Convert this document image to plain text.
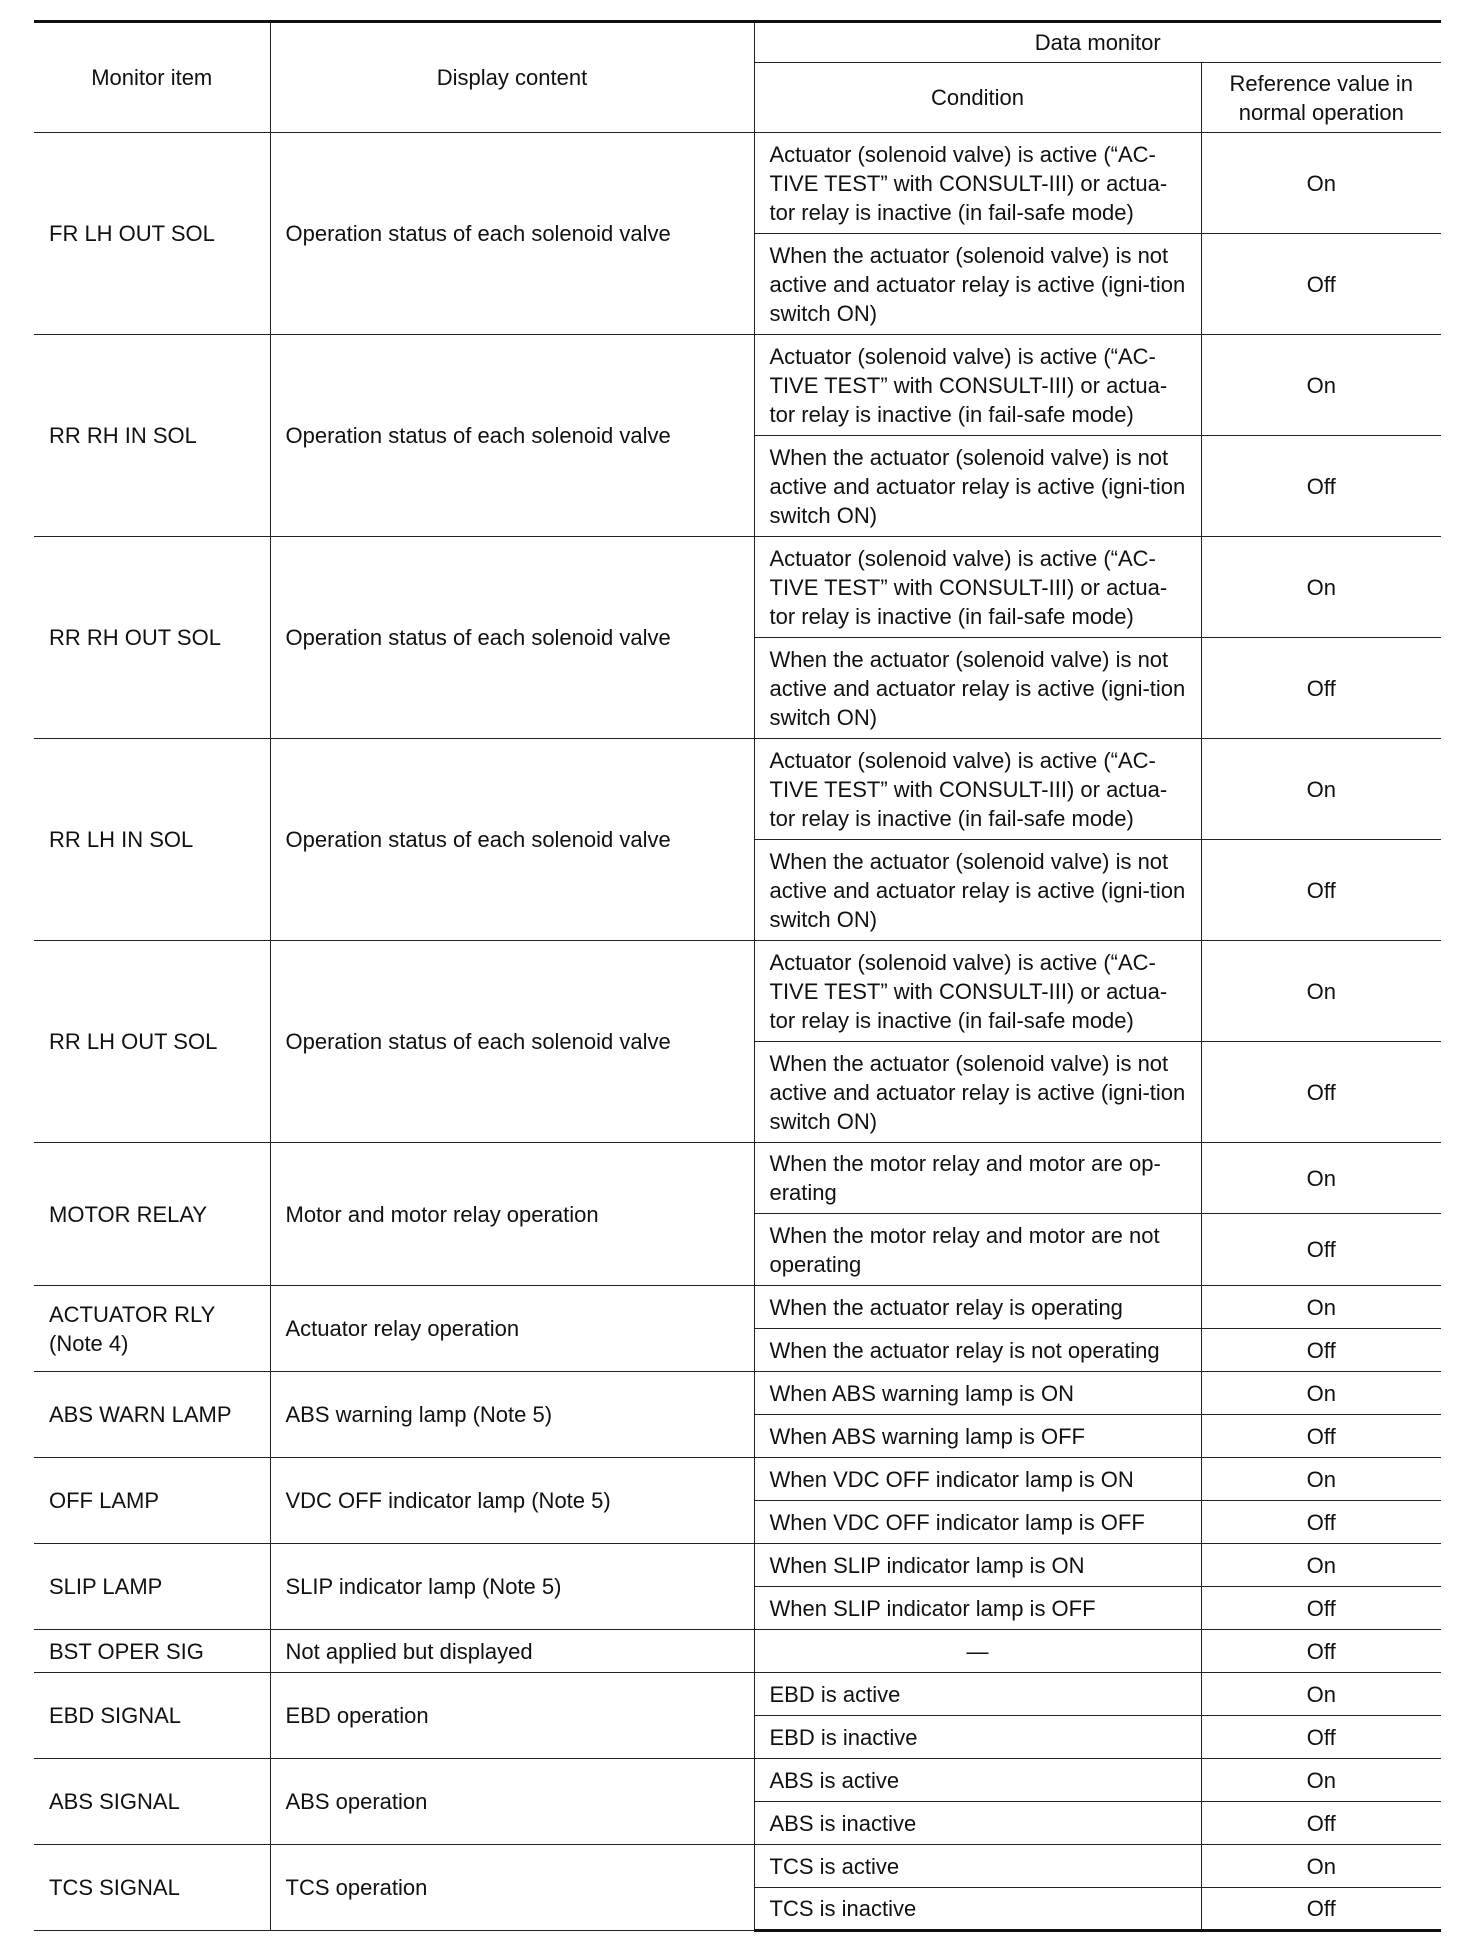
Monitor item	Display content	Data monitor	
		Condition	Reference value in normal operation
FR LH OUT SOL	Operation status of each solenoid valve	Actuator (solenoid valve) is active (“AC-TIVE TEST” with CONSULT-III) or actua-tor relay is inactive (in fail-safe mode)	On
		When the actuator (solenoid valve) is not active and actuator relay is active (igni-tion switch ON)	Off
RR RH IN SOL	Operation status of each solenoid valve	Actuator (solenoid valve) is active (“AC-TIVE TEST” with CONSULT-III) or actua-tor relay is inactive (in fail-safe mode)	On
		When the actuator (solenoid valve) is not active and actuator relay is active (igni-tion switch ON)	Off
RR RH OUT SOL	Operation status of each solenoid valve	Actuator (solenoid valve) is active (“AC-TIVE TEST” with CONSULT-III) or actua-tor relay is inactive (in fail-safe mode)	On
		When the actuator (solenoid valve) is not active and actuator relay is active (igni-tion switch ON)	Off
RR LH IN SOL	Operation status of each solenoid valve	Actuator (solenoid valve) is active (“AC-TIVE TEST” with CONSULT-III) or actua-tor relay is inactive (in fail-safe mode)	On
		When the actuator (solenoid valve) is not active and actuator relay is active (igni-tion switch ON)	Off
RR LH OUT SOL	Operation status of each solenoid valve	Actuator (solenoid valve) is active (“AC-TIVE TEST” with CONSULT-III) or actua-tor relay is inactive (in fail-safe mode)	On
		When the actuator (solenoid valve) is not active and actuator relay is active (igni-tion switch ON)	Off
MOTOR RELAY	Motor and motor relay operation	When the motor relay and motor are op-erating	On
		When the motor relay and motor are not operating	Off
ACTUATOR RLY (Note 4)	Actuator relay operation	When the actuator relay is operating	On
		When the actuator relay is not operating	Off
ABS WARN LAMP	ABS warning lamp (Note 5)	When ABS warning lamp is ON	On
		When ABS warning lamp is OFF	Off
OFF LAMP	VDC OFF indicator lamp (Note 5)	When VDC OFF indicator lamp is ON	On
		When VDC OFF indicator lamp is OFF	Off
SLIP LAMP	SLIP indicator lamp (Note 5)	When SLIP indicator lamp is ON	On
		When SLIP indicator lamp is OFF	Off
BST OPER SIG	Not applied but displayed	—	Off
EBD SIGNAL	EBD operation	EBD is active	On
		EBD is inactive	Off
ABS SIGNAL	ABS operation	ABS is active	On
		ABS is inactive	Off
TCS SIGNAL	TCS operation	TCS is active	On
		TCS is inactive	Off
